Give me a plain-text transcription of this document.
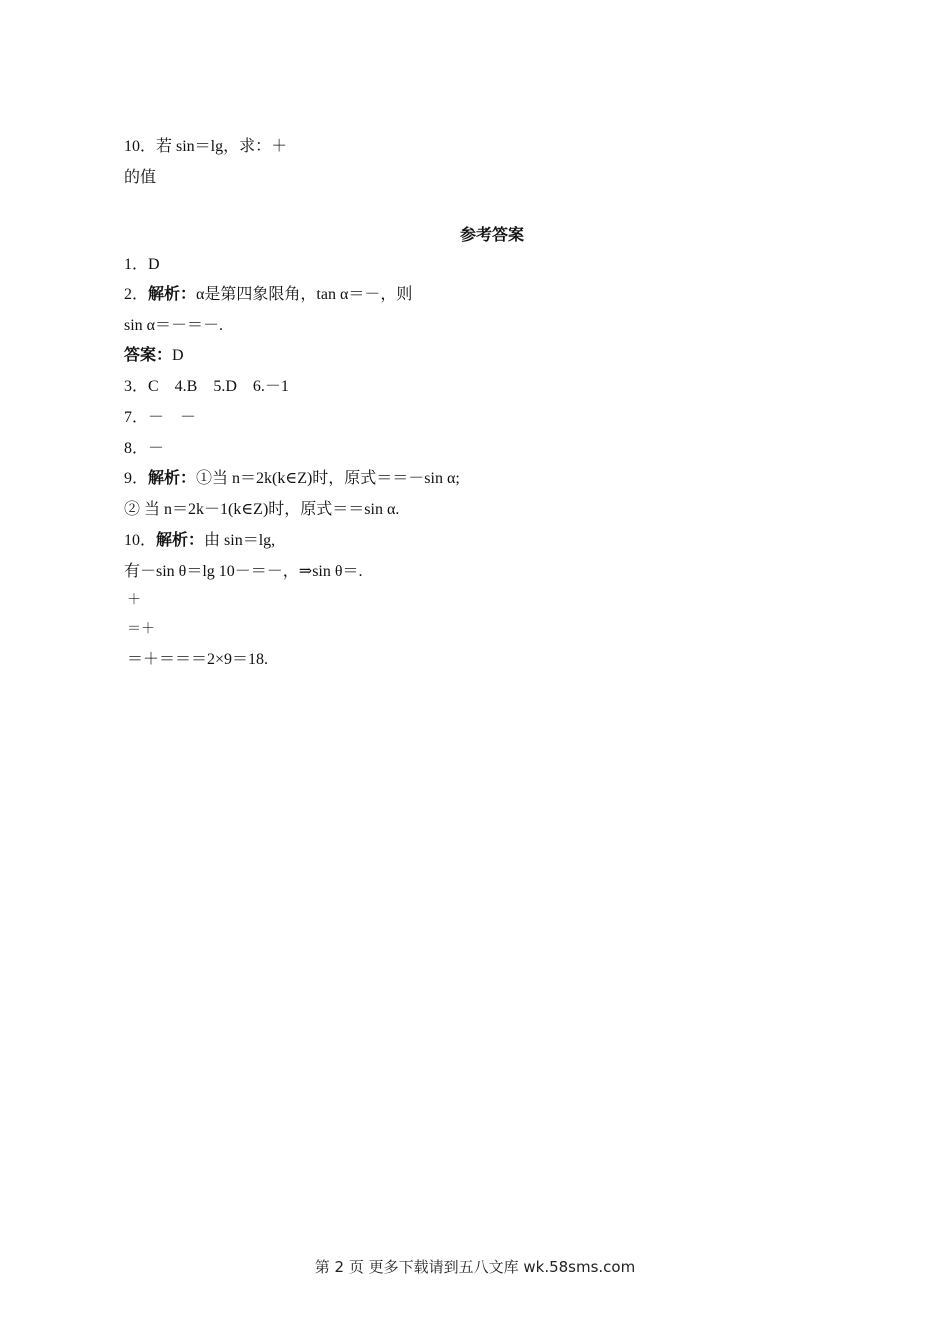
10．若 sin＝lg，求：＋
的值
参考答案
1．D
2．解析：α是第四象限角，tan α＝－，则
sin α＝－＝－.
答案：D
3．C　4.B　5.D　6.－1
7．－　－
8．－
9．解析：①当 n＝2k(k∈Z)时，原式＝＝－sin α;
② 当 n＝2k－1(k∈Z)时，原式＝＝sin α.
10．解析：由 sin＝lg,
有－sin θ＝lg 10－＝－，⇒sin θ＝.
＋
＝＋
＝＋＝＝＝2×9＝18.
第 2 页 更多下载请到五八文库 wk.58sms.com
